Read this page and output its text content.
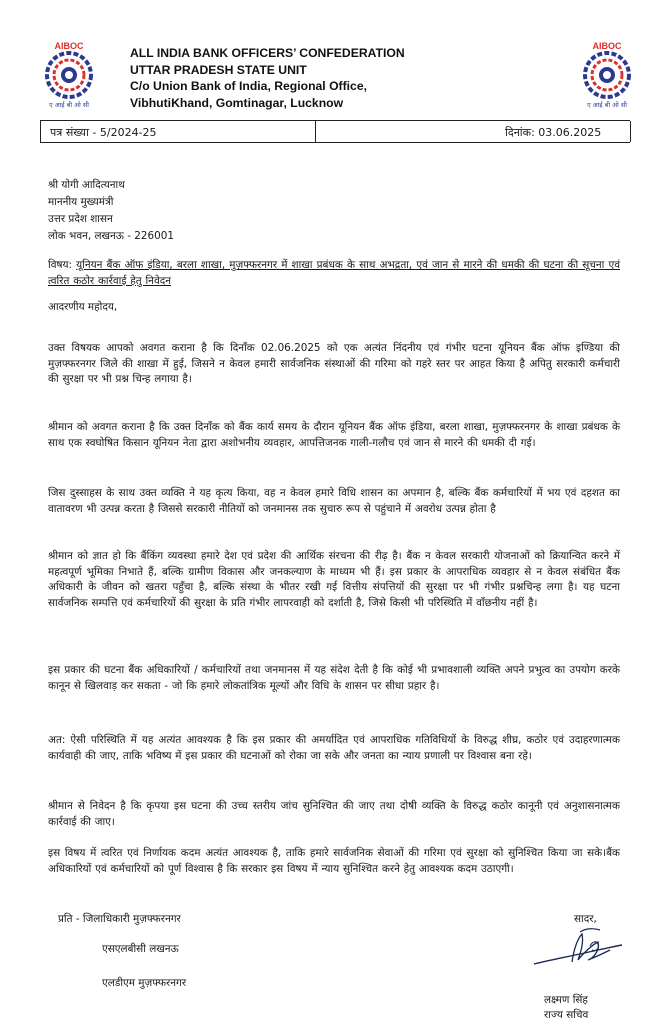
AIBOC
ए आई बी ओ सी
ALL INDIA BANK OFFICERS’ CONFEDERATION
UTTAR PRADESH STATE UNIT
C/o Union Bank of India, Regional Office,
VibhutiKhand, Gomtinagar, Lucknow
AIBOC
ए आई बी ओ सी
पत्र संख्या - 5/2024-25	दिनांक: 03.06.2025
श्री योगी आदित्यनाथ
माननीय मुख्यमंत्री
उत्तर प्रदेश शासन
लोक भवन, लखनऊ - 226001
विषय: यूनियन बैंक ऑफ इंडिया, बरला शाखा, मुज़फ्फरनगर में शाखा प्रबंधक के साथ अभद्रता, एवं जान से मारने की धमकी की घटना की सूचना एवं त्वरित कठोर कार्रवाई हेतु निवेदन
आदरणीय महोदय,
उक्त विषयक आपको अवगत कराना है कि दिनाँक 02.06.2025 को एक अत्यंत निंदनीय एवं गंभीर घटना यूनियन बैंक ऑफ इण्डिया की मुज़फ्फरनगर जिले की शाखा में हुई, जिसने न केवल हमारी सार्वजनिक संस्थाओं की गरिमा को गहरे स्तर पर आहत किया है अपितु सरकारी कर्मचारी की सुरक्षा पर भी प्रश्न चिन्ह लगाया है।
श्रीमान को अवगत कराना है कि उक्त दिनाँक को बैंक कार्य समय के दौरान यूनियन बैंक ऑफ इंडिया, बरला शाखा, मुज़फ्फरनगर के शाखा प्रबंधक के साथ एक स्वघोषित किसान यूनियन नेता द्वारा अशोभनीय व्यवहार, आपत्तिजनक गाली-गलौच एवं जान से मारने की धमकी दी गई।
जिस दुस्साहस के साथ उक्त व्यक्ति ने यह कृत्य किया, वह न केवल हमारे विधि शासन का अपमान है, बल्कि बैंक कर्मचारियों में भय एवं दहशत का वातावरण भी उत्पन्न करता है जिससे सरकारी नीतियों को जनमानस तक सुचारु रूप से पहुंचाने में अवरोध उत्पन्न होता है
श्रीमान को ज्ञात हो कि बैंकिंग व्यवस्था हमारे देश एवं प्रदेश की आर्थिक संरचना की रीढ़ है। बैंक न केवल सरकारी योजनाओं को क्रियान्वित करने में महत्वपूर्ण भूमिका निभाते हैं, बल्कि ग्रामीण विकास और जनकल्याण के माध्यम भी हैं। इस प्रकार के आपराधिक व्यवहार से न केवल संबंधित बैंक अधिकारी के जीवन को खतरा पहुँचा है, बल्कि संस्था के भीतर रखी गई वित्तीय संपत्तियों की सुरक्षा पर भी गंभीर प्रश्नचिन्ह लगा है। यह घटना सार्वजनिक सम्पत्ति एवं कर्मचारियों की सुरक्षा के प्रति गंभीर लापरवाही को दर्शाती है, जिसे किसी भी परिस्थिति में वाँछनीय नहीं है।
इस प्रकार की घटना बैंक अधिकारियों / कर्मचारियों तथा जनमानस में यह संदेश देती है कि कोई भी प्रभावशाली व्यक्ति अपने प्रभुत्व का उपयोग करके कानून से खिलवाड़ कर सकता - जो कि हमारे लोकतांत्रिक मूल्यों और विधि के शासन पर सीधा प्रहार है।
अत: ऐसी परिस्थिति में यह अत्यंत आवश्यक है कि इस प्रकार की अमर्यादित एवं आपराधिक गतिविधियों के विरुद्ध शीघ्र, कठोर एवं उदाहरणात्मक कार्यवाही की जाए, ताकि भविष्य में इस प्रकार की घटनाओं को रोका जा सके और जनता का न्याय प्रणाली पर विश्वास बना रहे।
श्रीमान से निवेदन है कि कृपया इस घटना की उच्च स्तरीय जांच सुनिश्चित की जाए तथा दोषी व्यक्ति के विरुद्ध कठोर कानूनी एवं अनुशासनात्मक कार्रवाई की जाए।
इस विषय में त्वरित एवं निर्णायक कदम अत्यंत आवश्यक है, ताकि हमारे सार्वजनिक सेवाओं की गरिमा एवं सुरक्षा को सुनिश्चित किया जा सके।बैंक अधिकारियों एवं कर्मचारियों को पूर्ण विश्वास है कि सरकार इस विषय में न्याय सुनिश्चित करने हेतु आवश्यक कदम उठाएगी।
प्रति - जिलाधिकारी मुज़फ्फरनगर
एसएलबीसी लखनऊ
एलडीएम मुज़फ्फरनगर
सादर,
लक्ष्मण सिंह
राज्य सचिव
